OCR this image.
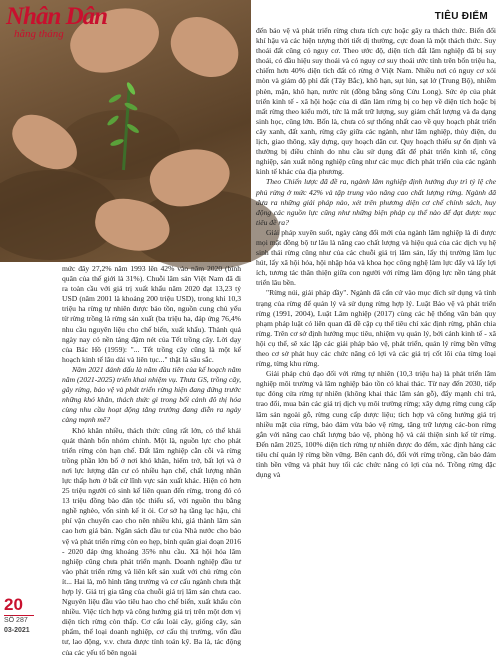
Nhân Dân
hằng tháng
TIÊU ĐIỂM

mức đây 27,2% năm 1993 lên 42% vào năm 2020 (bình quân của thế giới là 31%). Chuỗi lâm sản Việt Nam đã đi ra toàn cầu với giá trị xuất khẩu năm 2020 đạt 13,23 tỷ USD (năm 2001 là khoảng 200 triệu USD), trong khi 10,3 triệu ha rừng tự nhiên được bảo tồn, nguồn cung chủ yếu từ rừng trồng là rừng sản xuất (ba triệu ha, đáp ứng 76,4% nhu cầu nguyên liệu cho chế biến, xuất khẩu). Thành quả ngày nay có nền tảng đậm nét của Tết trồng cây. Lời dạy của Bác Hồ (1959): "... Tết trồng cây cũng là một kế hoạch kinh tế lâu dài và liên tục..." thật là sâu sắc.

Năm 2021 đánh dấu là năm đầu tiên của kế hoạch năm năm (2021-2025) triển khai nhiệm vụ. Thưa GS, trồng cây, gây rừng, bảo vệ và phát triển rừng hiện đang đứng trước những khó khăn, thách thức gì trong bối cảnh đô thị hóa cùng nhu cầu hoạt động tăng trưởng đang diễn ra ngày càng mạnh mẽ?

Khó khăn nhiều, thách thức cũng rất lớn, có thể khái quát thành bốn nhóm chính. Một là, nguồn lực cho phát triển rừng còn hạn chế. Đất lâm nghiệp cằn cỗi và rừng trồng phần lớn bố ở nơi khó khăn, hiếm trở, bất lợi và ở nơi lực lượng dân cư có nhiều hạn chế, chất lượng nhân lực thấp hơn ở bất cứ lĩnh vực sản xuất khác. Hiện có hơn 25 triệu người có sinh kế liên quan đến rừng, trong đó có 13 triệu đồng bào dân tộc thiểu số, với nguồn thu bằng nghề nghèo, vốn sinh kế ít ỏi. Cơ sở hạ tầng lạc hậu, chi phí vận chuyển cao cho nên nhiều khi, giá thành lâm sản cao hơn giá bán. Ngân sách đầu tư của Nhà nước cho bảo vệ và phát triển rừng còn eo hẹp, bình quân giai đoạn 2016 - 2020 đáp ứng khoảng 35% nhu cầu. Xã hội hóa lâm nghiệp cũng chưa phát triển mạnh. Doanh nghiệp đầu tư vào phát triển rừng và liên kết sản xuất với chủ rừng còn ít... Hai là, mô hình tăng trưởng và cơ cấu ngành chưa thật hợp lý. Giá trị gia tăng của chuỗi giá trị lâm sản chưa cao. Nguyên liệu đầu vào tiêu hao cho chế biến, xuất khẩu còn nhiều. Việc tích hợp và công hướng giá trị trên một đơn vị diện tích rừng còn thấp. Cơ cấu loài cây, giống cây, sản phẩm, thể loại doanh nghiệp, cơ cấu thị trường, vốn đầu tư, lao động, v.v. chưa được tính toán kỹ. Ba là, tác động của các yếu tố bên ngoài

đến bảo vệ và phát triển rừng chưa tích cực hoặc gây ra thách thức. Biến đổi khí hậu và các hiện tượng thời tiết dị thường, cực đoan là một thách thức. Suy thoái đất cũng có nguy cơ. Theo ước độ, diện tích đất lâm nghiệp đã bị suy thoái, có đầu hiệu suy thoái và có nguy cơ suy thoái ước tính trên bốn triệu ha, chiếm hơn 40% diện tích đất có rừng ở Việt Nam. Nhiều nơi có nguy cơ xói mòn và giảm độ phì đất (Tây Bắc), khô hạn, sụt lún, sạt lở (Trung Bộ), nhiễm phèn, mặn, khô hạn, nước rút (đồng bằng sông Cửu Long). Sức ép của phát triển kinh tế - xã hội hoặc của di dân làm rừng bị co hẹp về diện tích hoặc bị mất rừng theo kiểu mới, tức là mất trữ lượng, suy giảm chất lượng và đa dạng sinh học, cũng lớn. Bốn là, chưa có sự thống nhất cao về quy hoạch phát triển cây xanh, đất xanh, rừng cây giữa các ngành, như lâm nghiệp, thủy điện, du lịch, giao thông, xây dựng, quy hoạch dân cư. Quy hoạch thiếu sự ổn định và thường bị điều chỉnh do nhu cầu sử dụng đất để phát triển kinh tế, công nghiệp, sản xuất nông nghiệp cũng như các mục đích phát triển của các ngành kinh tế khác của địa phương.

Theo Chiến lược đã đề ra, ngành lâm nghiệp định hướng duy trì tỷ lệ che phủ rừng ở mức 42% và tập trung vào nâng cao chất lượng rừng. Ngành đã đưa ra những giải pháp nào, xét trên phương diện cơ chế chính sách, huy động các nguồn lực cũng như những biện pháp cụ thể nào để đạt được mục tiêu đề ra?

Giải pháp xuyên suốt, ngày càng đổi mới của ngành lâm nghiệp là đi được mọi mặt đồng bộ tư lâu là nâng cao chất lượng và hiệu quả của các dịch vụ hệ sinh thái rừng cũng như của các chuỗi giá trị lâm sản, lấy thị trường lâm lục hút, lấy xã hội hóa, hội nhập hóa và khoa học công nghệ làm lực đẩy và lấy lợi ích, tương tác thân thiện giữa con người với rừng làm động lực nền tảng phát triển lâu bền.

"Rừng núi, giải pháp đầy". Ngành đã cẩn cứ vào mục đích sử dụng và tính trạng của rừng để quản lý và sử dụng rừng hợp lý. Luật Bảo vệ và phát triển rừng (1991, 2004), Luật Lâm nghiệp (2017) cùng các hệ thống văn bản quy phạm pháp luật có liên quan đã đề cập cụ thể tiêu chí xác định rừng, phân chia rừng. Trên cơ sở định hướng mục tiêu, nhiệm vụ quản lý, bởi cảnh kinh tế - xã hội cụ thể, sẽ xác lập các giải pháp bảo vệ, phát triển, quản lý rừng bền vững theo cơ sở phát huy các chức năng có lợi và các giá trị cốt lõi của từng loại rừng, từng khu rừng.

Giải pháp chủ đạo đối với rừng tự nhiên (10,3 triệu ha) là phát triển lâm nghiệp môi trường và lâm nghiệp bảo tồn có khai thác. Từ nay đến 2030, tiếp tục đóng cửa rừng tự nhiên (không khai thác lâm sản gỗ), đẩy mạnh chi trả, trao đổi, mua bán các giá trị dịch vụ môi trường rừng; xây dựng rừng cung cấp lâm sản ngoài gỗ, rừng cung cấp dược liệu; tích hợp và công hướng giá trị nhiều mặt của rừng, bảo đảm vừa bảo vệ rừng, tăng trữ lượng các-bon rừng gắn với nâng cao chất lượng bảo vệ, phòng hộ và cải thiện sinh kế từ rừng. Đến năm 2025, 100% diện tích rừng tự nhiên được đo đếm, xác định hàng các tiêu chí quản lý rừng bền vững. Bên cạnh đó, đối với rừng trồng, cần bảo đảm tính bền vững và phát huy tối các chức năng có lợi của nó. Trồng rừng đặc dụng và

20
SỐ 287
03-2021
